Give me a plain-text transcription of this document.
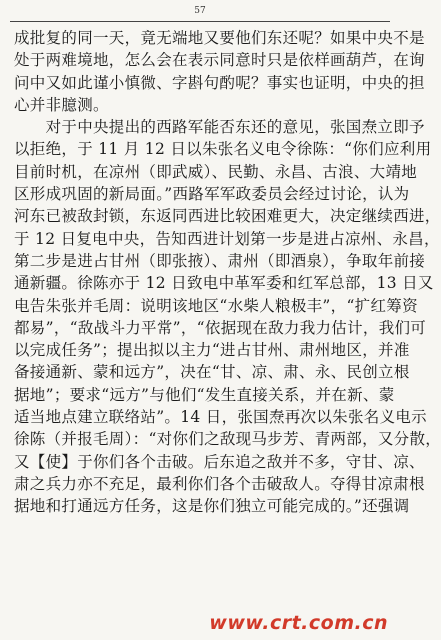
57
成批复的同一天，竟无端地又要他们东还呢？如果中央不是
处于两难境地，怎么会在表示同意时只是依样画葫芦，在询
问中又如此谨小慎微、字斟句酌呢？事实也证明，中央的担
心并非臆测。
　　对于中央提出的西路军能否东还的意见，张国焘立即予
以拒绝，于 11 月 12 日以朱张名义电令徐陈：“你们应利用
目前时机，在凉州（即武威）、民勤、永昌、古浪、大靖地
区形成巩固的新局面。”西路军军政委员会经过讨论，认为
河东已被敌封锁，东返同西进比较困难更大，决定继续西进，
于 12 日复电中央，告知西进计划第一步是进占凉州、永昌，
第二步是进占甘州（即张掖）、肃州（即酒泉），争取年前接
通新疆。徐陈亦于 12 日致电中革军委和红军总部，13 日又
电告朱张并毛周：说明该地区“水柴人粮极丰”，“扩红筹资
都易”，“敌战斗力平常”，“依据现在敌力我力估计，我们可
以完成任务”；提出拟以主力“进占甘州、肃州地区，并准
备接通新、蒙和远方”，决在“甘、凉、肃、永、民创立根
据地”；要求“远方”与他们“发生直接关系，并在新、蒙
适当地点建立联络站”。14 日，张国焘再次以朱张名义电示
徐陈（并报毛周）：“对你们之敌现马步芳、青两部，又分散，
又【使】于你们各个击破。后东追之敌并不多，守甘、凉、
肃之兵力亦不充足，最利你们各个击破敌人。夺得甘凉肃根
据地和打通远方任务，这是你们独立可能完成的。”还强调
www.crt.com.cn
